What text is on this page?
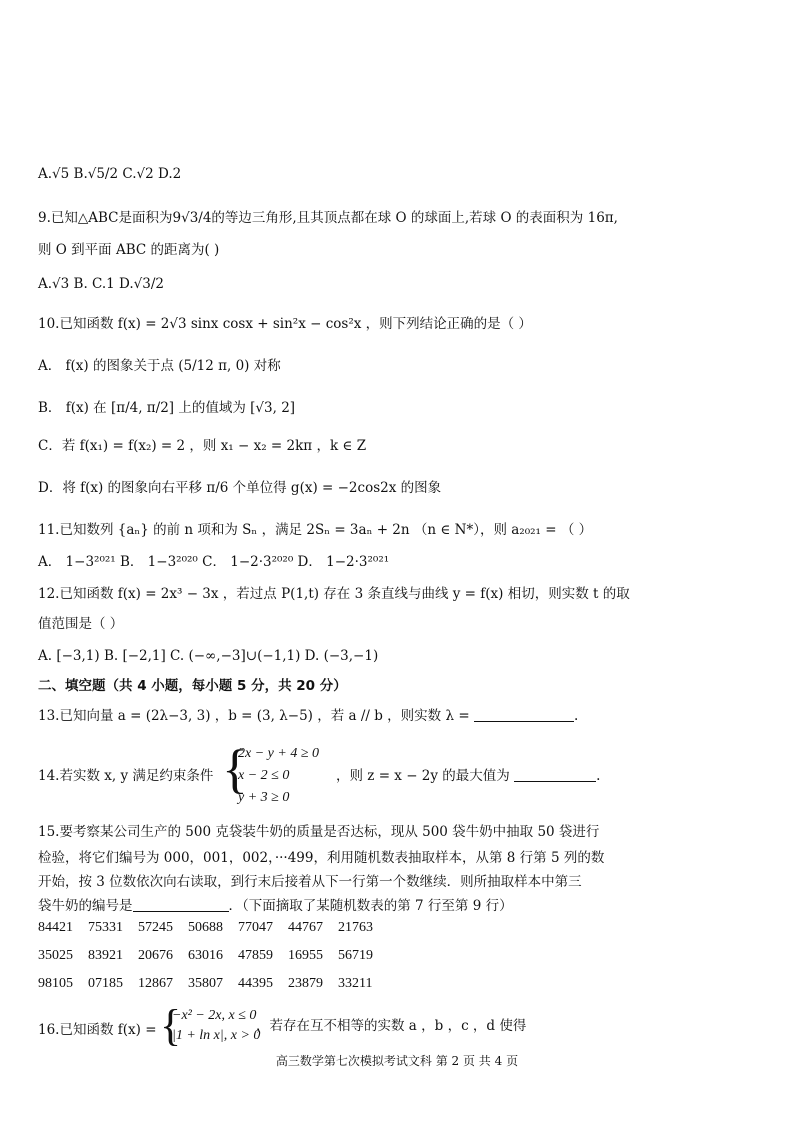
A.√5 B.√5/2 C.√2 D.2
9.已知△ABC是面积为9√3/4的等边三角形,且其顶点都在球 O 的球面上,若球 O 的表面积为 16π,
则 O 到平面 ABC 的距离为( )
A.√3 B. C.1 D.√3/2
10.已知函数 f(x) = 2√3 sinx cosx + sin²x − cos²x ，则下列结论正确的是（ ）
A． f(x) 的图象关于点 (5/12 π, 0) 对称
B． f(x) 在 [π/4, π/2] 上的值域为 [√3, 2]
C．若 f(x₁) = f(x₂) = 2 ，则 x₁ − x₂ = 2kπ ，k ∈ Z
D．将 f(x) 的图象向右平移 π/6 个单位得 g(x) = −2cos2x 的图象
11.已知数列 {aₙ} 的前 n 项和为 Sₙ ，满足 2Sₙ = 3aₙ + 2n （n ∈ N*），则 a₂₀₂₁ = （ ）
A． 1−3²⁰²¹ B． 1−3²⁰²⁰ C． 1−2·3²⁰²⁰ D． 1−2·3²⁰²¹
12.已知函数 f(x) = 2x³ − 3x ，若过点 P(1,t) 存在 3 条直线与曲线 y = f(x) 相切，则实数 t 的取
值范围是（ ）
A. [−3,1) B. [−2,1] C. (−∞,−3]∪(−1,1) D. (−3,−1)
二、填空题（共 4 小题，每小题 5 分，共 20 分）
13.已知向量 a = (2λ−3, 3) ，b = (3, λ−5) ，若 a // b ，则实数 λ =	.
14.若实数 x, y 满足约束条件 {
2x − y + 4 ≥ 0
x − 2 ≤ 0
y + 3 ≥ 0
，则 z = x − 2y 的最大值为	.
15.要考察某公司生产的 500 克袋装牛奶的质量是否达标，现从 500 袋牛奶中抽取 50 袋进行
检验，将它们编号为 000，001，002，···499，利用随机数表抽取样本，从第 8 行第 5 列的数
开始，按 3 位数依次向右读取，到行末后接着从下一行第一个数继续．则所抽取样本中第三
袋牛奶的编号是	．（下面摘取了某随机数表的第 7 行至第 9 行）
84421 75331 57245 50688 77047 44767 21763
35025 83921 20676 63016 47859 16955 56719
98105 07185 12867 35807 44395 23879 33211
16.已知函数 f(x) = {
−x² − 2x, x ≤ 0
|1 + ln x|, x > 0
，若存在互不相等的实数 a ，b ，c ，d 使得
高三数学第七次模拟考试文科 第 2 页 共 4 页
